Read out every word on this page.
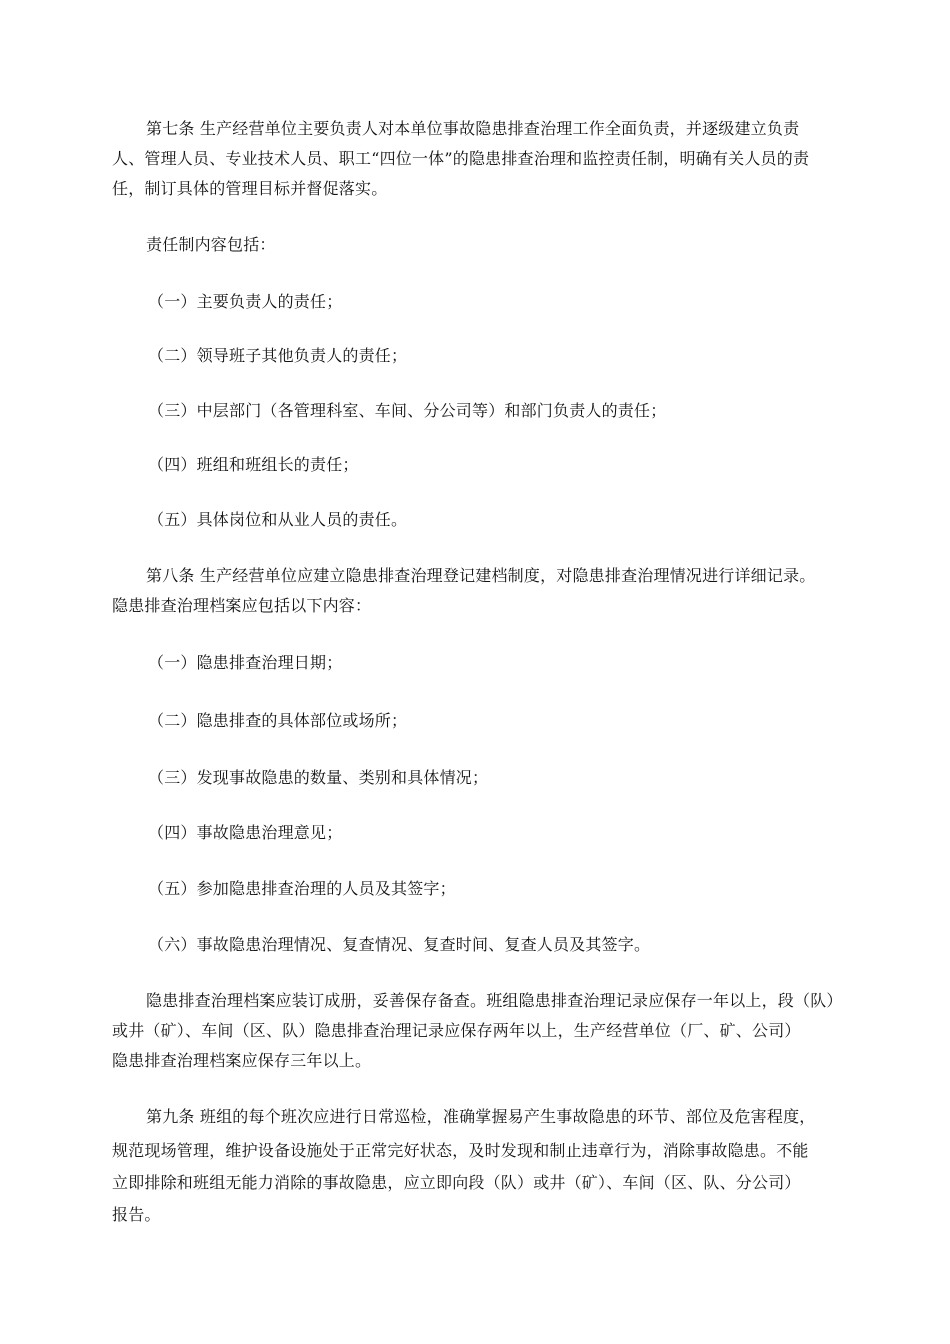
第七条 生产经营单位主要负责人对本单位事故隐患排查治理工作全面负责，并逐级建立负责
人、管理人员、专业技术人员、职工“四位一体”的隐患排查治理和监控责任制，明确有关人员的责
任，制订具体的管理目标并督促落实。
责任制内容包括：
（一）主要负责人的责任；
（二）领导班子其他负责人的责任；
（三）中层部门（各管理科室、车间、分公司等）和部门负责人的责任；
（四）班组和班组长的责任；
（五）具体岗位和从业人员的责任。
第八条 生产经营单位应建立隐患排查治理登记建档制度，对隐患排查治理情况进行详细记录。
隐患排查治理档案应包括以下内容：
（一）隐患排查治理日期；
（二）隐患排查的具体部位或场所；
（三）发现事故隐患的数量、类别和具体情况；
（四）事故隐患治理意见；
（五）参加隐患排查治理的人员及其签字；
（六）事故隐患治理情况、复查情况、复查时间、复查人员及其签字。
隐患排查治理档案应装订成册，妥善保存备查。班组隐患排查治理记录应保存一年以上，段（队）
或井（矿）、车间（区、队）隐患排查治理记录应保存两年以上，生产经营单位（厂、矿、公司）
隐患排查治理档案应保存三年以上。
第九条 班组的每个班次应进行日常巡检，准确掌握易产生事故隐患的环节、部位及危害程度，
规范现场管理，维护设备设施处于正常完好状态，及时发现和制止违章行为，消除事故隐患。不能
立即排除和班组无能力消除的事故隐患，应立即向段（队）或井（矿）、车间（区、队、分公司）
报告。
